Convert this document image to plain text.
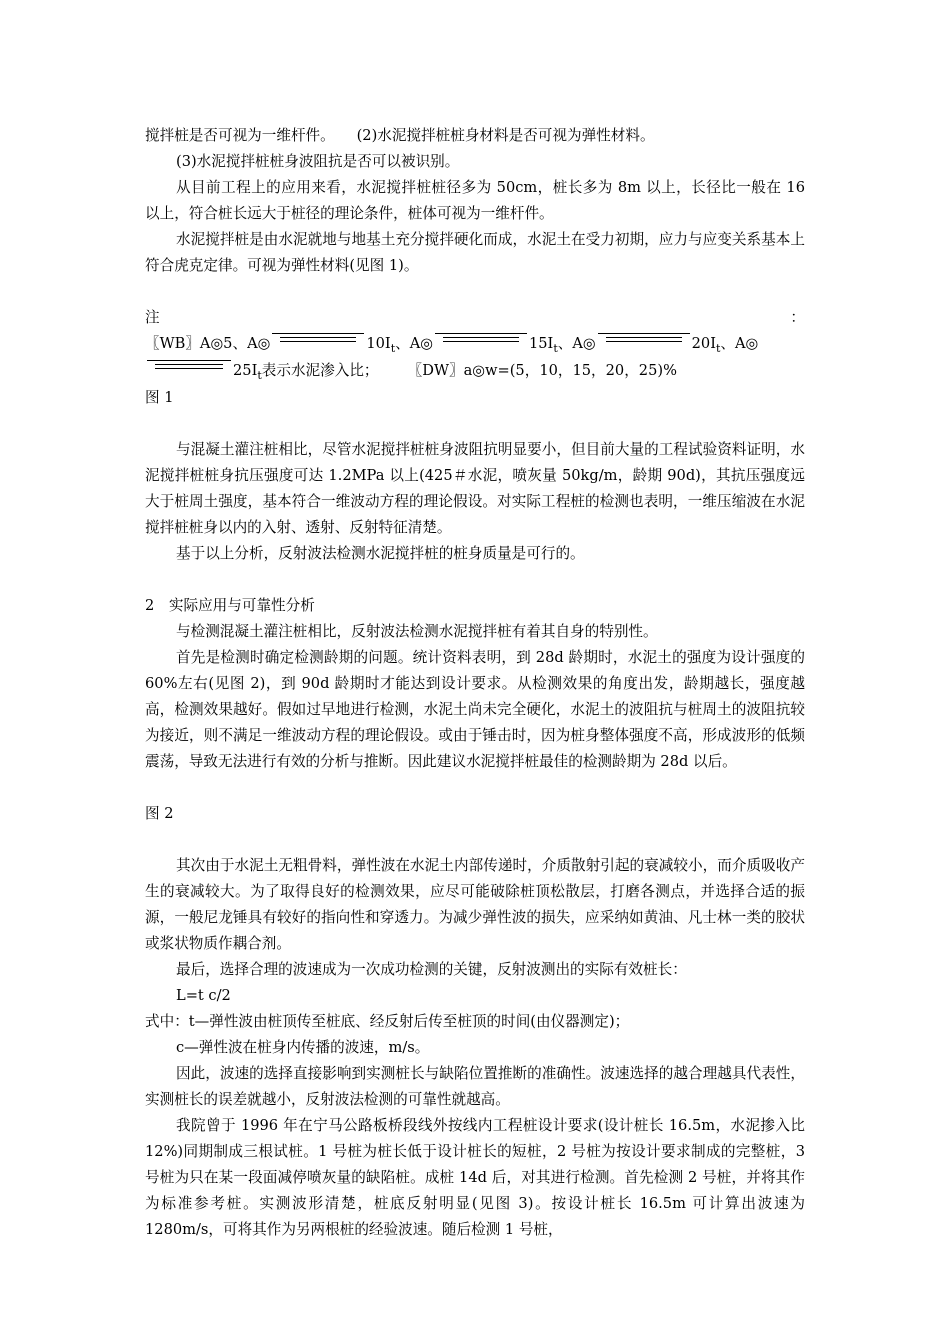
搅拌桩是否可视为一维杆件。　　(2)水泥搅拌桩桩身材料是否可视为弹性材料。

(3)水泥搅拌桩桩身波阻抗是否可以被识别。

从目前工程上的应用来看，水泥搅拌桩桩径多为 50cm，桩长多为 8m 以上，长径比一般在 16 以上，符合桩长远大于桩径的理论条件，桩体可视为一维杆件。

水泥搅拌桩是由水泥就地与地基土充分搅拌硬化而成，水泥土在受力初期，应力与应变关系基本上符合虎克定律。可视为弹性材料(见图 1)。

注	：
〖WB〗A◎5、A◎	$10I_t$、A◎	$15I_t$、A◎	$20I_t$、A◎
$25I_t$表示水泥渗入比；　　　〖DW〗a◎w=(5，10，15，20，25)%

图 1

与混凝土灌注桩相比，尽管水泥搅拌桩桩身波阻抗明显要小，但目前大量的工程试验资料证明，水泥搅拌桩桩身抗压强度可达 1.2MPa 以上(425＃水泥，喷灰量 50kg/m，龄期 90d)，其抗压强度远大于桩周土强度，基本符合一维波动方程的理论假设。对实际工程桩的检测也表明，一维压缩波在水泥搅拌桩桩身以内的入射、透射、反射特征清楚。

基于以上分析，反射波法检测水泥搅拌桩的桩身质量是可行的。

2　实际应用与可靠性分析

与检测混凝土灌注桩相比，反射波法检测水泥搅拌桩有着其自身的特别性。

首先是检测时确定检测龄期的问题。统计资料表明，到 28d 龄期时，水泥土的强度为设计强度的 60%左右(见图 2)，到 90d 龄期时才能达到设计要求。从检测效果的角度出发，龄期越长，强度越高，检测效果越好。假如过早地进行检测，水泥土尚未完全硬化，水泥土的波阻抗与桩周土的波阻抗较为接近，则不满足一维波动方程的理论假设。或由于锤击时，因为桩身整体强度不高，形成波形的低频震荡，导致无法进行有效的分析与推断。因此建议水泥搅拌桩最佳的检测龄期为 28d 以后。

图 2

其次由于水泥土无粗骨料，弹性波在水泥土内部传递时，介质散射引起的衰减较小，而介质吸收产生的衰减较大。为了取得良好的检测效果，应尽可能破除桩顶松散层，打磨各测点，并选择合适的振源，一般尼龙锤具有较好的指向性和穿透力。为减少弹性波的损失，应采纳如黄油、凡士林一类的胶状或浆状物质作耦合剂。

最后，选择合理的波速成为一次成功检测的关键，反射波测出的实际有效桩长：

L=t c/2

式中：t—弹性波由桩顶传至桩底、经反射后传至桩顶的时间(由仪器测定)；

c—弹性波在桩身内传播的波速，m/s。

因此，波速的选择直接影响到实测桩长与缺陷位置推断的准确性。波速选择的越合理越具代表性，实测桩长的误差就越小，反射波法检测的可靠性就越高。

我院曾于 1996 年在宁马公路板桥段线外按线内工程桩设计要求(设计桩长 16.5m，水泥掺入比 12%)同期制成三根试桩。1 号桩为桩长低于设计桩长的短桩，2 号桩为按设计要求制成的完整桩，3 号桩为只在某一段面减停喷灰量的缺陷桩。成桩 14d 后，对其进行检测。首先检测 2 号桩，并将其作为标准参考桩。实测波形清楚，桩底反射明显(见图 3)。按设计桩长 16.5m 可计算出波速为 1280m/s，可将其作为另两根桩的经验波速。随后检测 1 号桩，
